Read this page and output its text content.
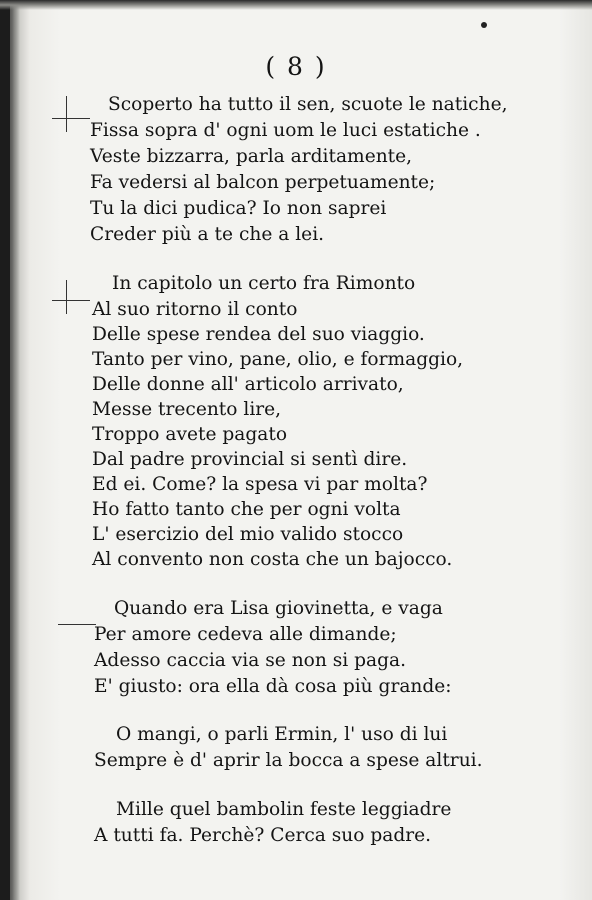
( 8 )
Scoperto ha tutto il sen, scuote le natiche,
Fissa sopra d' ogni uom le luci estatiche .
Veste bizzarra, parla arditamente,
Fa vedersi al balcon perpetuamente;
Tu la dici pudica? Io non saprei
Creder più a te che a lei.
In capitolo un certo fra Rimonto
Al suo ritorno il conto
Delle spese rendea del suo viaggio.
Tanto per vino, pane, olio, e formaggio,
Delle donne all' articolo arrivato,
Messe trecento lire,
Troppo avete pagato
Dal padre provincial si sentì dire.
Ed ei. Come? la spesa vi par molta?
Ho fatto tanto che per ogni volta
L' esercizio del mio valido stocco
Al convento non costa che un bajocco.
Quando era Lisa giovinetta, e vaga
Per amore cedeva alle dimande;
Adesso caccia via se non si paga.
E' giusto: ora ella dà cosa più grande:
O mangi, o parli Ermin, l' uso di lui
Sempre è d' aprir la bocca a spese altrui.
Mille quel bambolin feste leggiadre
A tutti fa. Perchè? Cerca suo padre.
